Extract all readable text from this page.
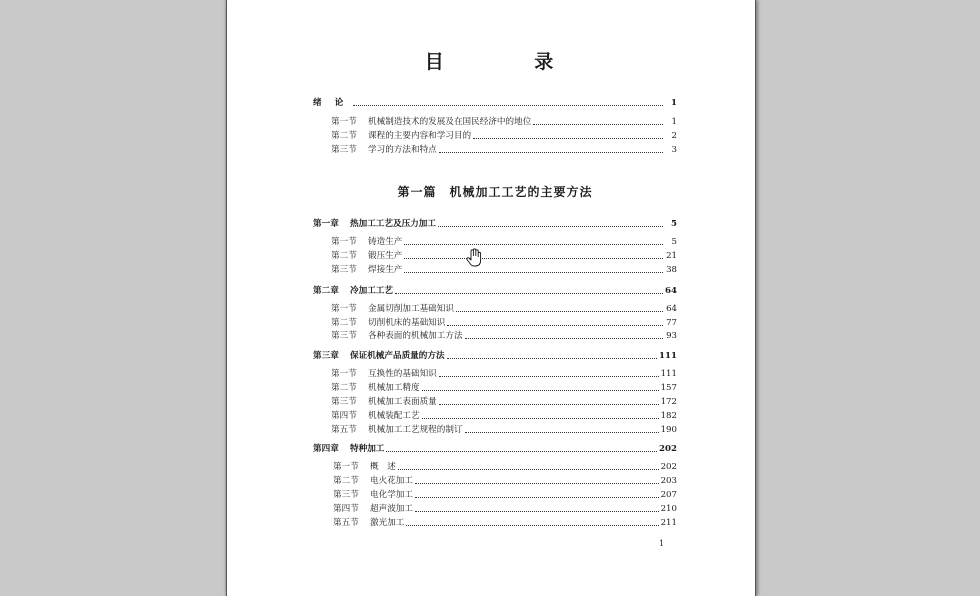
目 录
绪论	1
第一节	机械制造技术的发展及在国民经济中的地位	1
第二节	课程的主要内容和学习目的	2
第三节	学习的方法和特点	3
第一篇　机械加工工艺的主要方法
第一章	热加工工艺及压力加工	5
第一节	铸造生产	5
第二节	锻压生产	21
第三节	焊接生产	38
第二章	冷加工工艺	64
第一节	金属切削加工基础知识	64
第二节	切削机床的基础知识	77
第三节	各种表面的机械加工方法	93
第三章	保证机械产品质量的方法	111
第一节	互换性的基础知识	111
第二节	机械加工精度	157
第三节	机械加工表面质量	172
第四节	机械装配工艺	182
第五节	机械加工工艺规程的制订	190
第四章	特种加工	202
第一节	概　述	202
第二节	电火花加工	203
第三节	电化学加工	207
第四节	超声波加工	210
第五节	激光加工	211
1
